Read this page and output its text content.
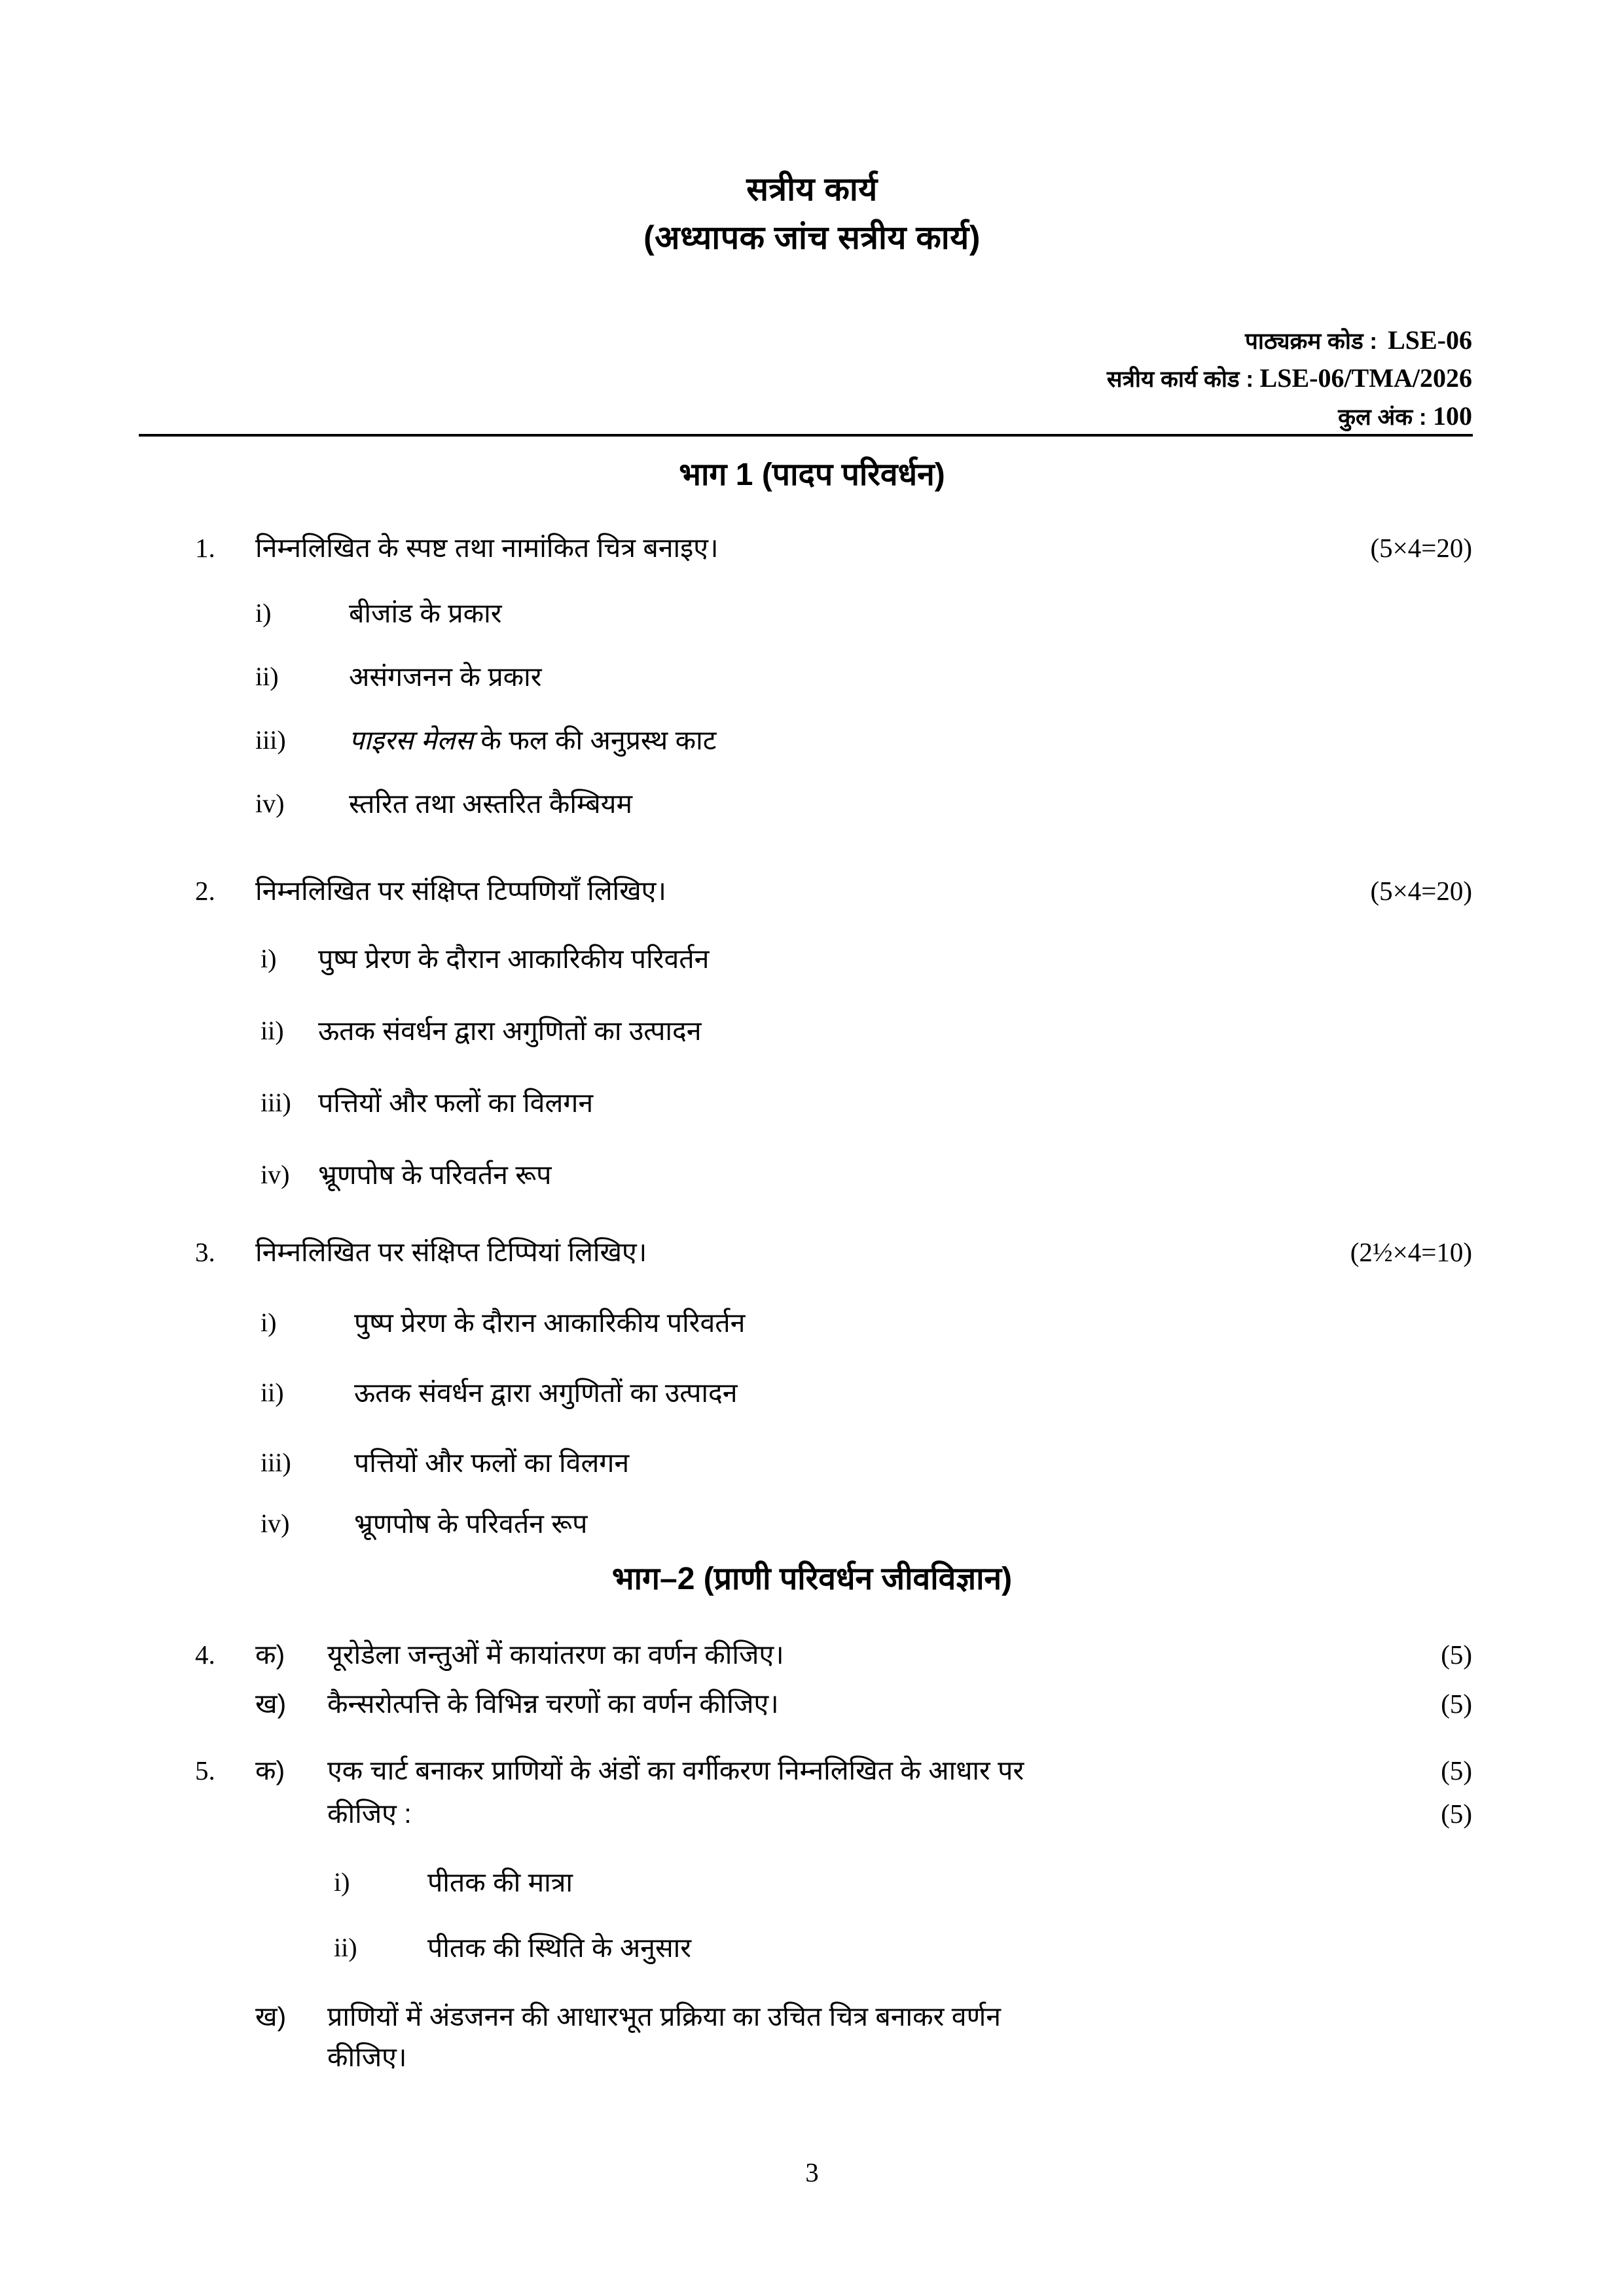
सत्रीय कार्य
(अध्यापक जांच सत्रीय कार्य)
पाठ्यक्रम कोड : LSE-06
सत्रीय कार्य कोड : LSE-06/TMA/2026
कुल अंक : 100
भाग 1 (पादप परिवर्धन)
1.	निम्नलिखित के स्पष्ट तथा नामांकित चित्र बनाइए।	(5×4=20)
i)	बीजांड के प्रकार
ii)	असंगजनन के प्रकार
iii)	पाइरस मेलस के फल की अनुप्रस्थ काट
iv)	स्तरित तथा अस्तरित कैम्बियम
2.	निम्नलिखित पर संक्षिप्त टिप्पणियाँ लिखिए।	(5×4=20)
i)	पुष्प प्रेरण के दौरान आकारिकीय परिवर्तन
ii)	ऊतक संवर्धन द्वारा अगुणितों का उत्पादन
iii)	पत्तियों और फलों का विलगन
iv)	भ्रूणपोष के परिवर्तन रूप
3.	निम्नलिखित पर संक्षिप्त टिप्पियां लिखिए।	(2½×4=10)
i)	पुष्प प्रेरण के दौरान आकारिकीय परिवर्तन
ii)	ऊतक संवर्धन द्वारा अगुणितों का उत्पादन
iii)	पत्तियों और फलों का विलगन
iv)	भ्रूणपोष के परिवर्तन रूप
भाग–2 (प्राणी परिवर्धन जीवविज्ञान)
4.	क)	यूरोडेला जन्तुओं में कायांतरण का वर्णन कीजिए।	(5)
ख)	कैन्सरोत्पत्ति के विभिन्न चरणों का वर्णन कीजिए।	(5)
5.	क)	एक चार्ट बनाकर प्राणियों के अंडों का वर्गीकरण निम्नलिखित के आधार पर	(5)
कीजिए :	(5)
i)	पीतक की मात्रा
ii)	पीतक की स्थिति के अनुसार
ख)	प्राणियों में अंडजनन की आधारभूत प्रक्रिया का उचित चित्र बनाकर वर्णन
कीजिए।
3
